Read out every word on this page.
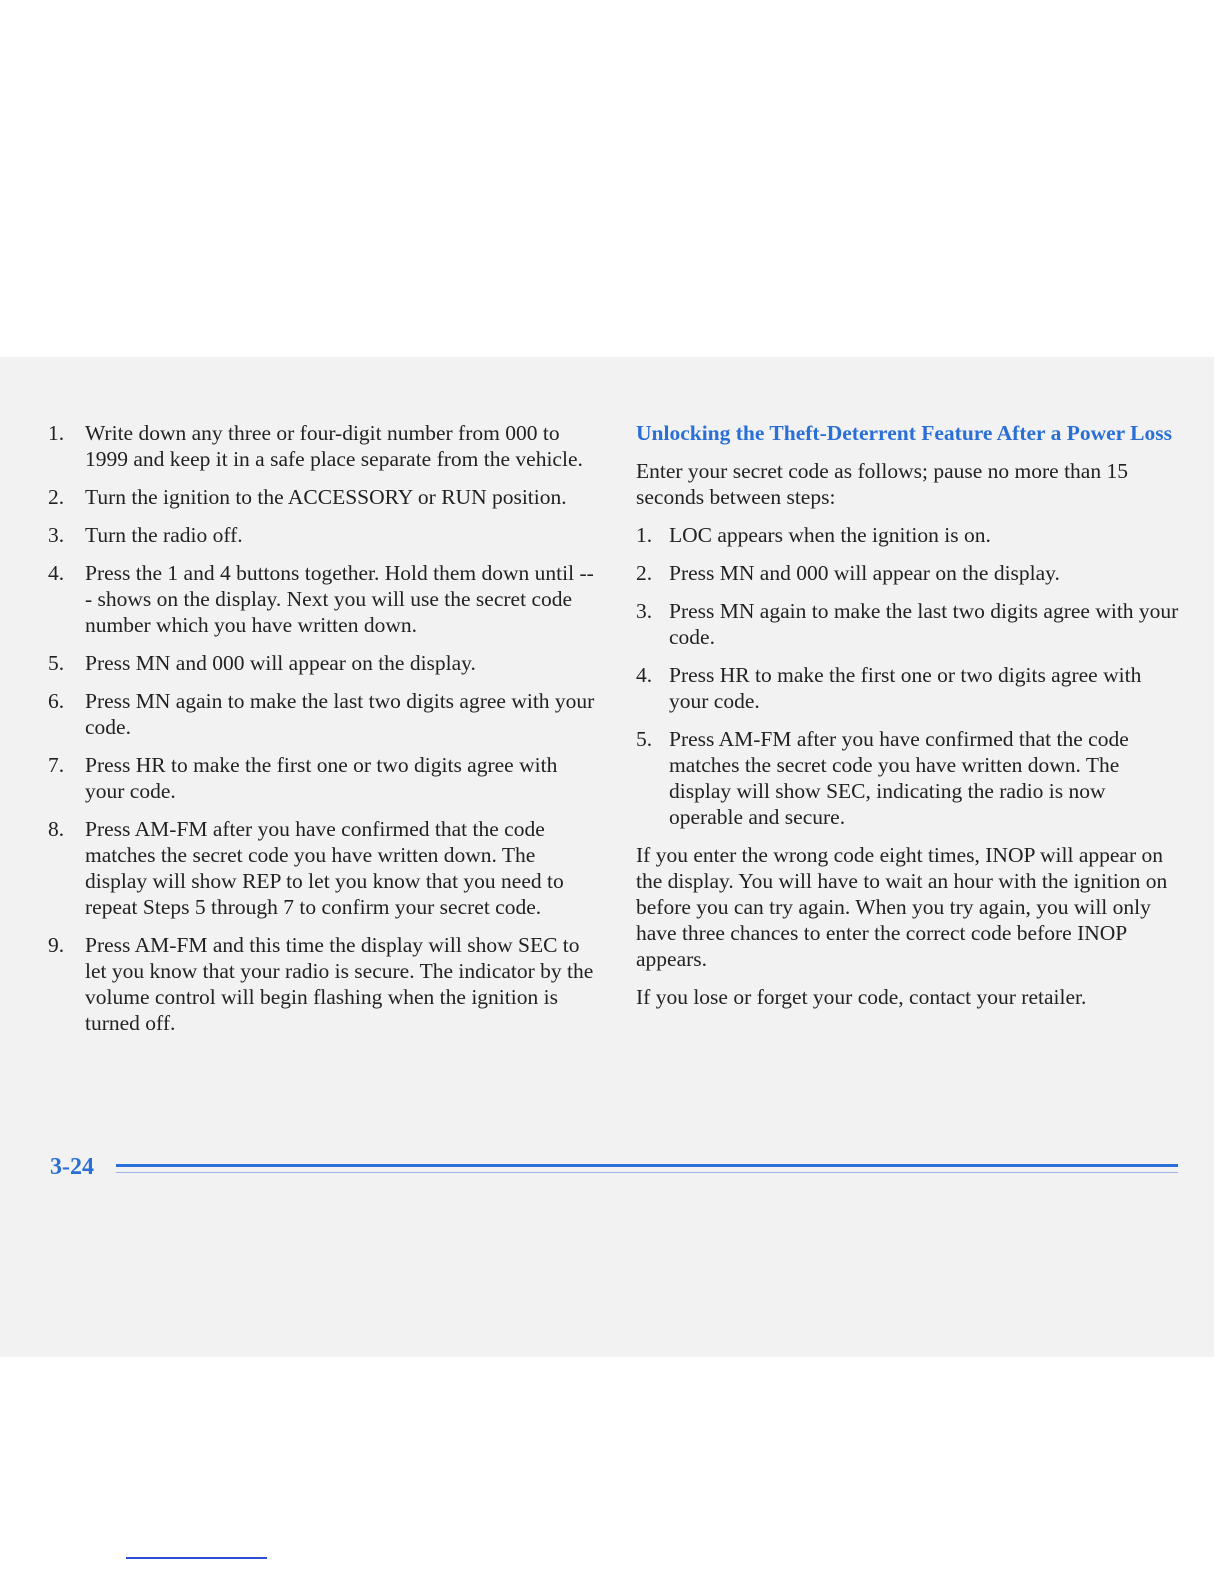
1. Write down any three or four-digit number from 000 to 1999 and keep it in a safe place separate from the vehicle.
2. Turn the ignition to the ACCESSORY or RUN position.
3. Turn the radio off.
4. Press the 1 and 4 buttons together. Hold them down until --- shows on the display. Next you will use the secret code number which you have written down.
5. Press MN and 000 will appear on the display.
6. Press MN again to make the last two digits agree with your code.
7. Press HR to make the first one or two digits agree with your code.
8. Press AM-FM after you have confirmed that the code matches the secret code you have written down. The display will show REP to let you know that you need to repeat Steps 5 through 7 to confirm your secret code.
9. Press AM-FM and this time the display will show SEC to let you know that your radio is secure. The indicator by the volume control will begin flashing when the ignition is turned off.
Unlocking the Theft-Deterrent Feature After a Power Loss

Enter your secret code as follows; pause no more than 15 seconds between steps:

1. LOC appears when the ignition is on.
2. Press MN and 000 will appear on the display.
3. Press MN again to make the last two digits agree with your code.
4. Press HR to make the first one or two digits agree with your code.
5. Press AM-FM after you have confirmed that the code matches the secret code you have written down. The display will show SEC, indicating the radio is now operable and secure.

If you enter the wrong code eight times, INOP will appear on the display. You will have to wait an hour with the ignition on before you can try again. When you try again, you will only have three chances to enter the correct code before INOP appears.

If you lose or forget your code, contact your retailer.

3-24
